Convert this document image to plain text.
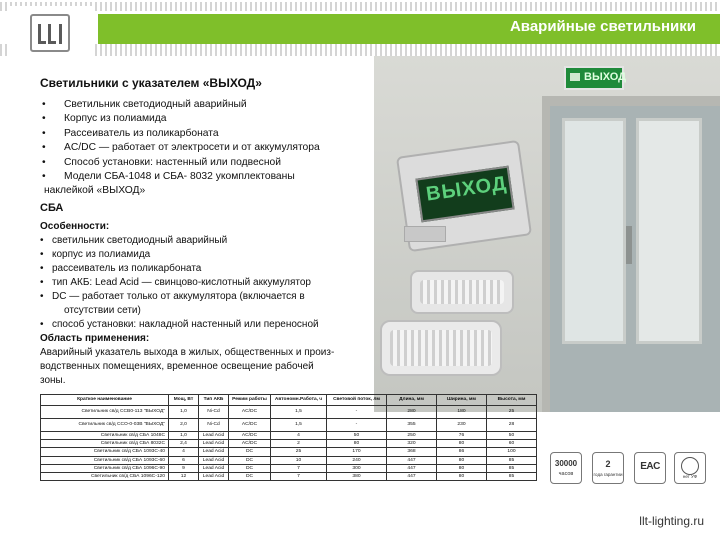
Аварийные светильники
Светильники с указателем «ВЫХОД»
• Светильник светодиодный аварийный
• Корпус из полиамида
• Рассеиватель из поликарбоната
• AC/DC — работает от электросети и от аккумулятора
• Способ установки: настенный или подвесной
• Модели СБА-1048 и СБА- 8032 укомплектованы
наклейкой «ВЫХОД»
СБА
Особенности:
• светильник светодиодный аварийный
• корпус из полиамида
• рассеиватель из поликарбоната
• тип АКБ: Lead Acid — свинцово-кислотный аккумулятор
• DC — работает только от аккумулятора (включается в
отсутствии сети)
• способ установки: накладной настенный или переносной
Область применения:
Аварийный указатель выхода в жилых, общественных и произ-
водственных помещениях, временное освещение рабочей
зоны.
ВЫХОД
ВЫХОД
Краткое наименование	Мощ, Вт	Тип АКБ	Режим работы	Автономн.Работа, ч	Световой поток, лм	Длина, мм	Ширина, мм	Высота, мм
Светильник св/д ССВ0-113 "ВЫХОД"	1,0	Ni-Cd	AC/DC	1,5	-	280	180	25
Светильник св/д ССО-0-03В "ВЫХОД"	2,0	Ni-Cd	AC/DC	1,5	-	355	230	28
Светильник св/д СБА 1048С	1,0	Lead Acid	AC/DC	4	50	250	76	50
Светильник св/д СБА 8032С	2,4	Lead Acid	AC/DC	2	80	320	80	60
Светильник св/д СБА 1093С-40	4	Lead Acid	DC	25	170	368	86	100
Светильник св/д СБА 1093С-60	6	Lead Acid	DC	10	240	447	80	85
Светильник св/д СБА 1096С-90	9	Lead Acid	DC	7	300	447	80	85
Светильник св/д СБА 1096С-120	12	Lead Acid	DC	7	380	447	80	85
30000
часов
2
года гарантии
EAC
нет УФ
llt-lighting.ru
